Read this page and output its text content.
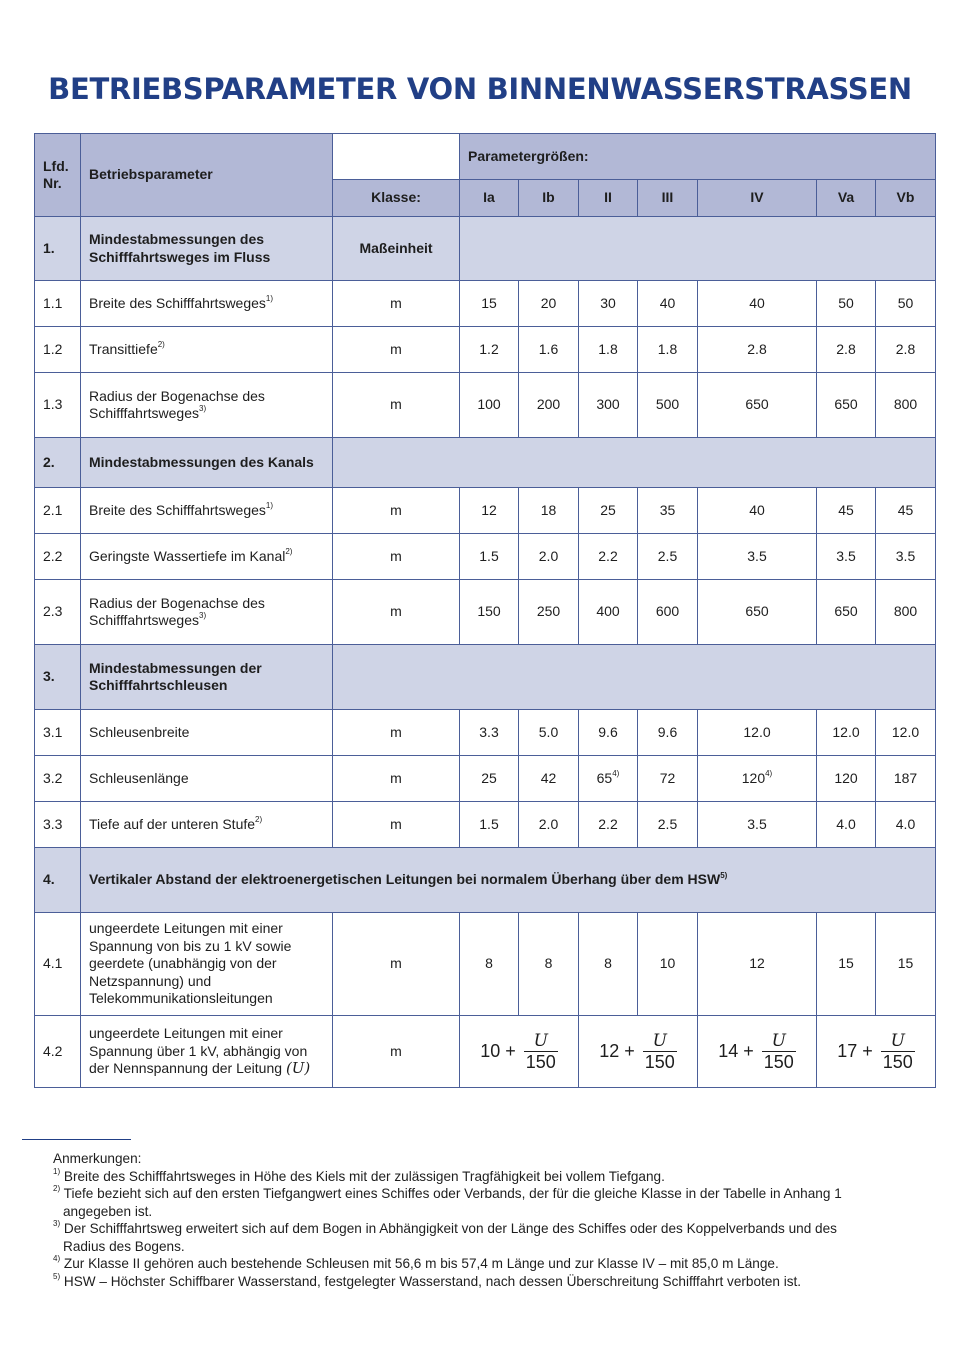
BETRIEBSPARAMETER VON BINNENWASSERSTRASSEN
Lfd.
Nr.	Betriebsparameter		Parametergrößen:						
		Klasse:	Ia	Ib	II	III	IV	Va	Vb
1.	Mindestabmessungen des Schifffahrtsweges im Fluss	Maßeinheit							
1.1	Breite des Schifffahrtsweges$^{1)}$	m	15	20	30	40	40	50	50
1.2	Transittiefe$^{2)}$	m	1.2	1.6	1.8	1.8	2.8	2.8	2.8
1.3	Radius der Bogenachse des Schifffahrtsweges$^{3)}$	m	100	200	300	500	650	650	800
2.	Mindestabmessungen des Kanals								
2.1	Breite des Schifffahrtsweges$^{1)}$	m	12	18	25	35	40	45	45
2.2	Geringste Wassertiefe im Kanal$^{2)}$	m	1.5	2.0	2.2	2.5	3.5	3.5	3.5
2.3	Radius der Bogenachse des Schifffahrtsweges$^{3)}$	m	150	250	400	600	650	650	800
3.	Mindestabmessungen der Schifffahrtschleusen								
3.1	Schleusenbreite	m	3.3	5.0	9.6	9.6	12.0	12.0	12.0
3.2	Schleusenlänge	m	25	42	65$^{4)}$	72	120$^{4)}$	120	187
3.3	Tiefe auf der unteren Stufe$^{2)}$	m	1.5	2.0	2.2	2.5	3.5	4.0	4.0
4.	Vertikaler Abstand der elektroenergetischen Leitungen bei normalem Überhang über dem HSW$^{5)}$
4.1	ungeerdete Leitungen mit einer Spannung von bis zu 1 kV sowie geerdete (unabhängig von der Netzspannung) und Telekommunikationsleitungen	m	8	8	8	10	12	15	15
4.2	ungeerdete Leitungen mit einer Spannung über 1 kV, abhängig von der Nennspannung der Leitung (U)	m	$10 + \frac{U}{150}$		$12 + \frac{U}{150}$		$14 + \frac{U}{150}$	$17 + \frac{U}{150}$
Anmerkungen:
$^{1)}$ Breite des Schifffahrtsweges in Höhe des Kiels mit der zulässigen Tragfähigkeit bei vollem Tiefgang.
$^{2)}$ Tiefe bezieht sich auf den ersten Tiefgangwert eines Schiffes oder Verbands, der für die gleiche Klasse in der Tabelle in Anhang 1
angegeben ist.
$^{3)}$ Der Schifffahrtsweg erweitert sich auf dem Bogen in Abhängigkeit von der Länge des Schiffes oder des Koppelverbands und des
Radius des Bogens.
$^{4)}$ Zur Klasse II gehören auch bestehende Schleusen mit 56,6 m bis 57,4 m Länge und zur Klasse IV – mit 85,0 m Länge.
$^{5)}$ HSW – Höchster Schiffbarer Wasserstand, festgelegter Wasserstand, nach dessen Überschreitung Schifffahrt verboten ist.
